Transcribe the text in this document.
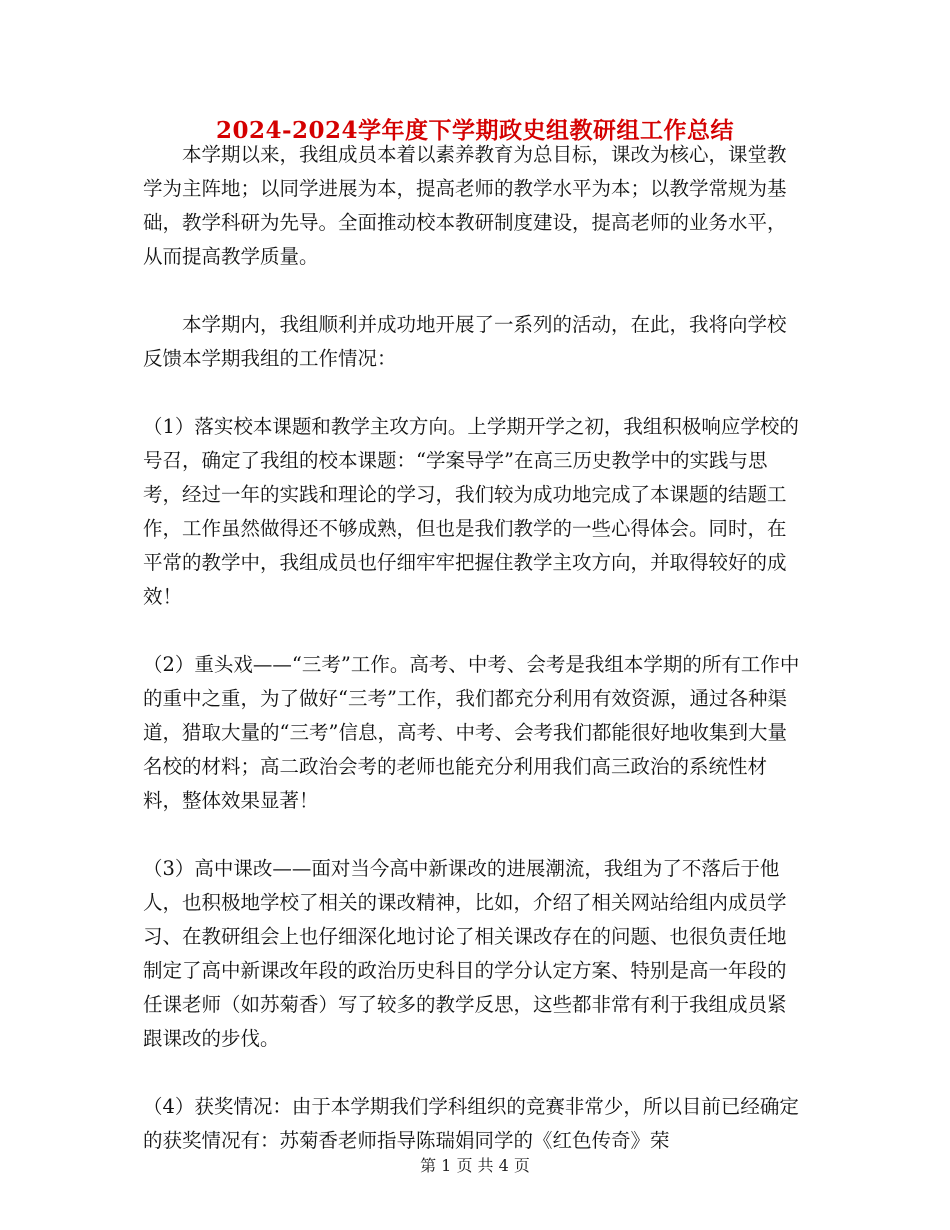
2024-2024学年度下学期政史组教研组工作总结

本学期以来，我组成员本着以素养教育为总目标，课改为核心，课堂教学为主阵地；以同学进展为本，提高老师的教学水平为本；以教学常规为基础，教学科研为先导。全面推动校本教研制度建设，提高老师的业务水平，从而提高教学质量。

本学期内，我组顺利并成功地开展了一系列的活动，在此，我将向学校反馈本学期我组的工作情况：

（1）落实校本课题和教学主攻方向。上学期开学之初，我组积极响应学校的号召，确定了我组的校本课题：“学案导学”在高三历史教学中的实践与思考，经过一年的实践和理论的学习，我们较为成功地完成了本课题的结题工作，工作虽然做得还不够成熟，但也是我们教学的一些心得体会。同时，在平常的教学中，我组成员也仔细牢牢把握住教学主攻方向，并取得较好的成效！

（2）重头戏——“三考”工作。高考、中考、会考是我组本学期的所有工作中的重中之重，为了做好“三考”工作，我们都充分利用有效资源，通过各种渠道，猎取大量的“三考”信息，高考、中考、会考我们都能很好地收集到大量名校的材料；高二政治会考的老师也能充分利用我们高三政治的系统性材料，整体效果显著！

（3）高中课改——面对当今高中新课改的进展潮流，我组为了不落后于他人，也积极地学校了相关的课改精神，比如，介绍了相关网站给组内成员学习、在教研组会上也仔细深化地讨论了相关课改存在的问题、也很负责任地制定了高中新课改年段的政治历史科目的学分认定方案、特别是高一年段的任课老师（如苏菊香）写了较多的教学反思，这些都非常有利于我组成员紧跟课改的步伐。

（4）获奖情况：由于本学期我们学科组织的竞赛非常少，所以目前已经确定的获奖情况有：苏菊香老师指导陈瑞娟同学的《红色传奇》荣

第 1 页 共 4 页
